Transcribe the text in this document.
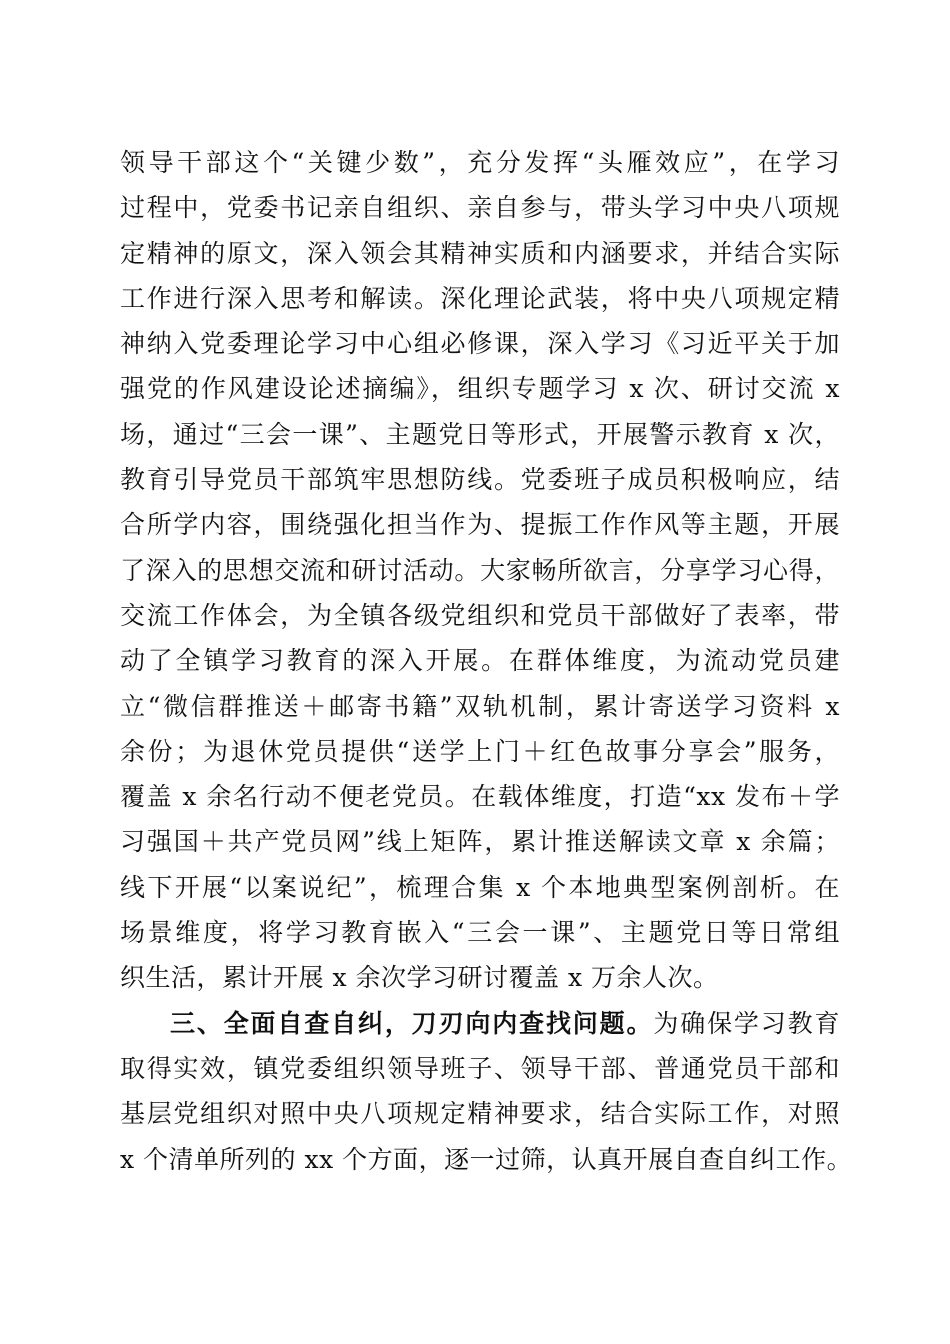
领导干部这个“关键少数”，充分发挥“头雁效应”，在学习

过程中，党委书记亲自组织、亲自参与，带头学习中央八项规

定精神的原文，深入领会其精神实质和内涵要求，并结合实际

工作进行深入思考和解读。深化理论武装，将中央八项规定精

神纳入党委理论学习中心组必修课，深入学习《习近平关于加

强党的作风建设论述摘编》，组织专题学习 x 次、研讨交流 x

场，通过“三会一课”、主题党日等形式，开展警示教育 x 次，

教育引导党员干部筑牢思想防线。党委班子成员积极响应，结

合所学内容，围绕强化担当作为、提振工作作风等主题，开展

了深入的思想交流和研讨活动。大家畅所欲言，分享学习心得，

交流工作体会，为全镇各级党组织和党员干部做好了表率，带

动了全镇学习教育的深入开展。在群体维度，为流动党员建

立“微信群推送＋邮寄书籍”双轨机制，累计寄送学习资料 x

余份；为退休党员提供“送学上门＋红色故事分享会”服务，

覆盖 x 余名行动不便老党员。在载体维度，打造“xx 发布＋学

习强国＋共产党员网”线上矩阵，累计推送解读文章 x 余篇；

线下开展“以案说纪”，梳理合集 x 个本地典型案例剖析。在

场景维度，将学习教育嵌入“三会一课”、主题党日等日常组

织生活，累计开展 x 余次学习研讨覆盖 x 万余人次。

三、全面自查自纠，刀刃向内查找问题。为确保学习教育

取得实效，镇党委组织领导班子、领导干部、普通党员干部和

基层党组织对照中央八项规定精神要求，结合实际工作，对照

x 个清单所列的 xx 个方面，逐一过筛，认真开展自查自纠工作。
